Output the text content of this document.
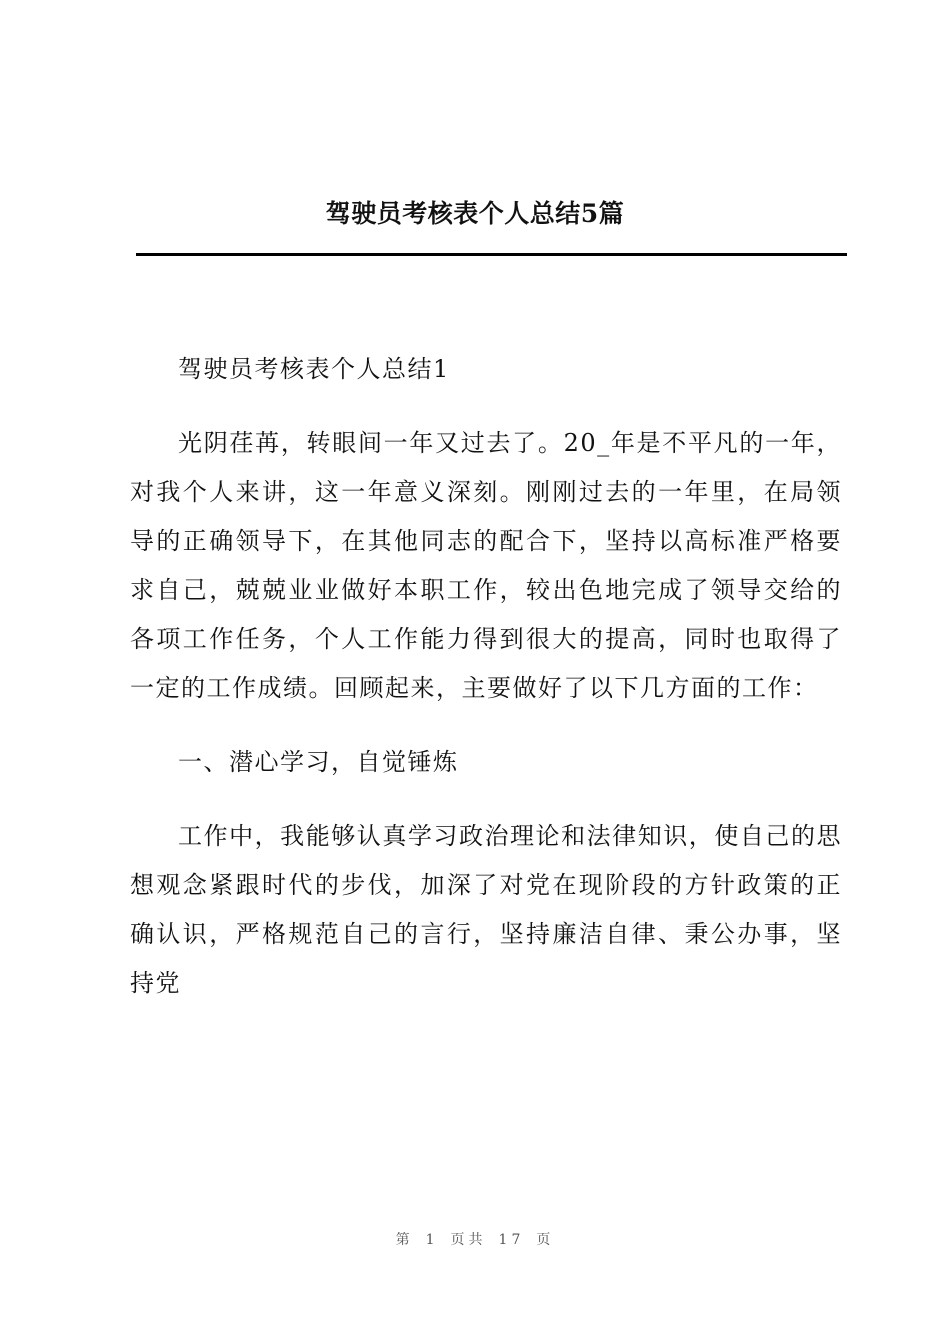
驾驶员考核表个人总结5篇

驾驶员考核表个人总结1

光阴荏苒，转眼间一年又过去了。20_年是不平凡的一年，对我个人来讲，这一年意义深刻。刚刚过去的一年里，在局领导的正确领导下，在其他同志的配合下，坚持以高标准严格要求自己，兢兢业业做好本职工作，较出色地完成了领导交给的各项工作任务，个人工作能力得到很大的提高，同时也取得了一定的工作成绩。回顾起来，主要做好了以下几方面的工作：

一、潜心学习，自觉锤炼

工作中，我能够认真学习政治理论和法律知识，使自己的思想观念紧跟时代的步伐，加深了对党在现阶段的方针政策的正确认识，严格规范自己的言行，坚持廉洁自律、秉公办事，坚持党

第 1 页共 17 页
